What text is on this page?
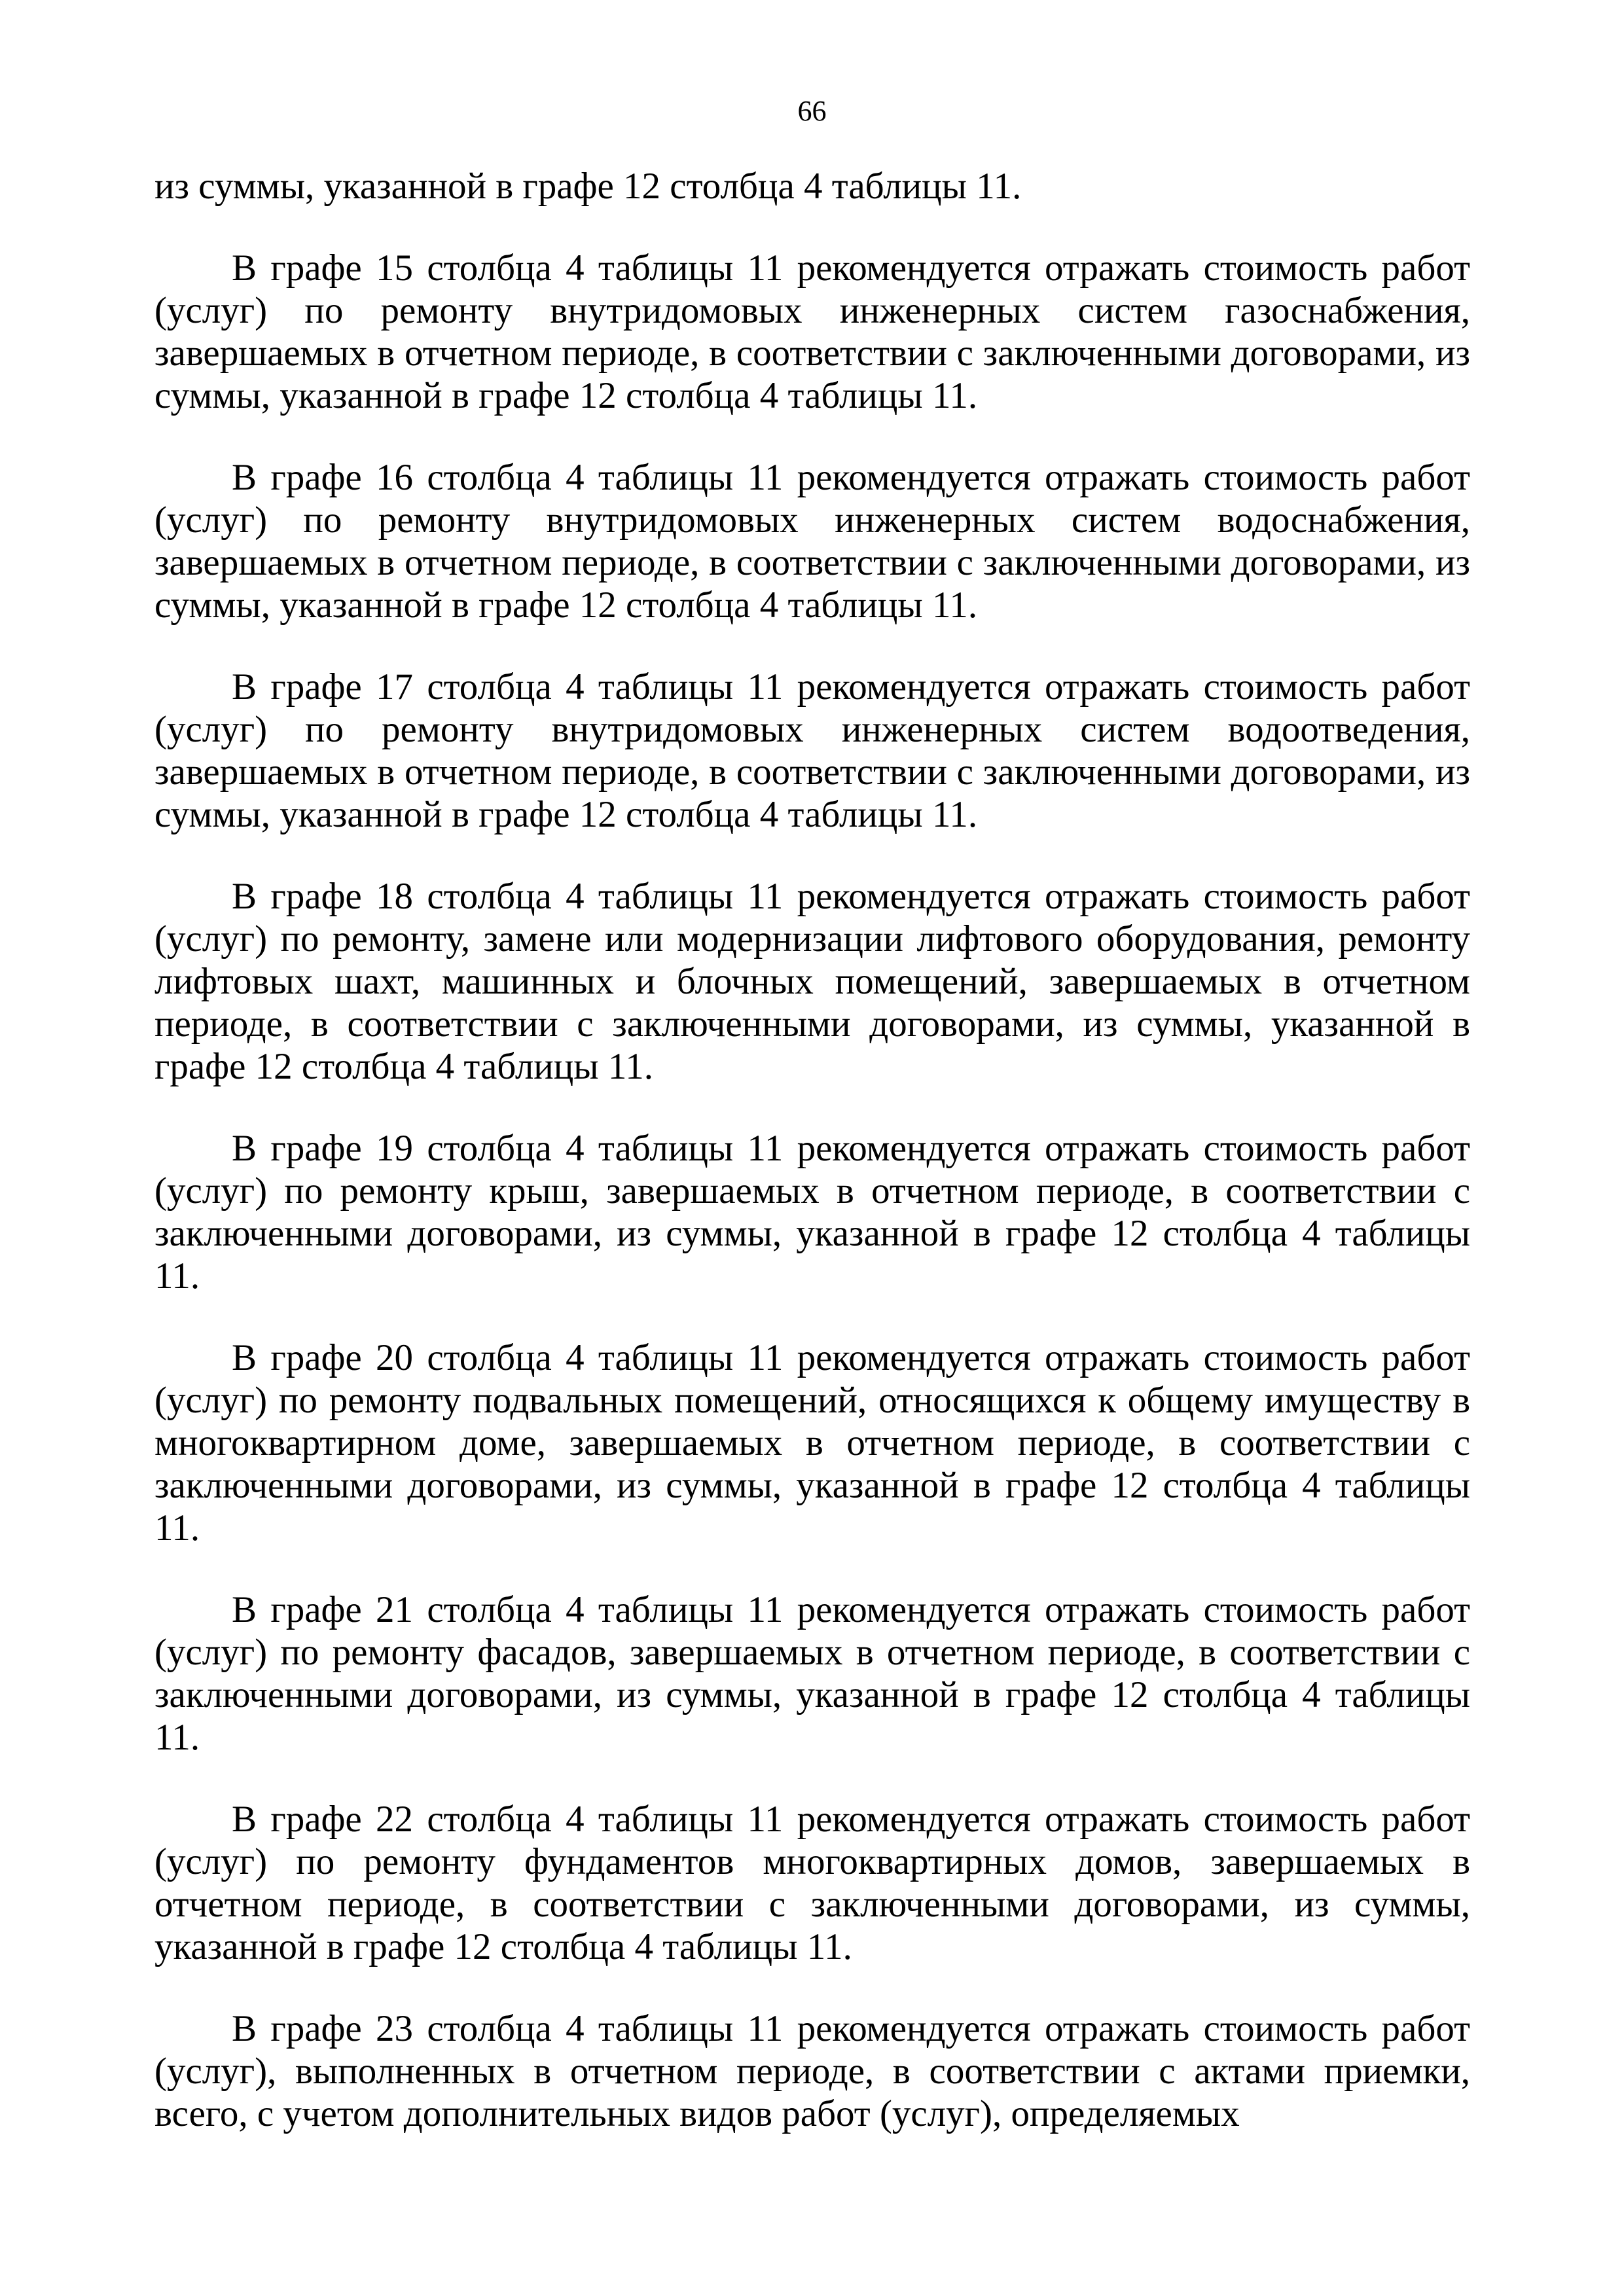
66

из суммы, указанной в графе 12 столбца 4 таблицы 11.

В графе 15 столбца 4 таблицы 11 рекомендуется отражать стоимость работ (услуг) по ремонту внутридомовых инженерных систем газоснабжения, завершаемых в отчетном периоде, в соответствии с заключенными договорами, из суммы, указанной в графе 12 столбца 4 таблицы 11.

В графе 16 столбца 4 таблицы 11 рекомендуется отражать стоимость работ (услуг) по ремонту внутридомовых инженерных систем водоснабжения, завершаемых в отчетном периоде, в соответствии с заключенными договорами, из суммы, указанной в графе 12 столбца 4 таблицы 11.

В графе 17 столбца 4 таблицы 11 рекомендуется отражать стоимость работ (услуг) по ремонту внутридомовых инженерных систем водоотведения, завершаемых в отчетном периоде, в соответствии с заключенными договорами, из суммы, указанной в графе 12 столбца 4 таблицы 11.

В графе 18 столбца 4 таблицы 11 рекомендуется отражать стоимость работ (услуг) по ремонту, замене или модернизации лифтового оборудования, ремонту лифтовых шахт, машинных и блочных помещений, завершаемых в отчетном периоде, в соответствии с заключенными договорами, из суммы, указанной в графе 12 столбца 4 таблицы 11.

В графе 19 столбца 4 таблицы 11 рекомендуется отражать стоимость работ (услуг) по ремонту крыш, завершаемых в отчетном периоде, в соответствии с заключенными договорами, из суммы, указанной в графе 12 столбца 4 таблицы 11.

В графе 20 столбца 4 таблицы 11 рекомендуется отражать стоимость работ (услуг) по ремонту подвальных помещений, относящихся к общему имуществу в многоквартирном доме, завершаемых в отчетном периоде, в соответствии с заключенными договорами, из суммы, указанной в графе 12 столбца 4 таблицы 11.

В графе 21 столбца 4 таблицы 11 рекомендуется отражать стоимость работ (услуг) по ремонту фасадов, завершаемых в отчетном периоде, в соответствии с заключенными договорами, из суммы, указанной в графе 12 столбца 4 таблицы 11.

В графе 22 столбца 4 таблицы 11 рекомендуется отражать стоимость работ (услуг) по ремонту фундаментов многоквартирных домов, завершаемых в отчетном периоде, в соответствии с заключенными договорами, из суммы, указанной в графе 12 столбца 4 таблицы 11.

В графе 23 столбца 4 таблицы 11 рекомендуется отражать стоимость работ (услуг), выполненных в отчетном периоде, в соответствии с актами приемки, всего, с учетом дополнительных видов работ (услуг), определяемых
